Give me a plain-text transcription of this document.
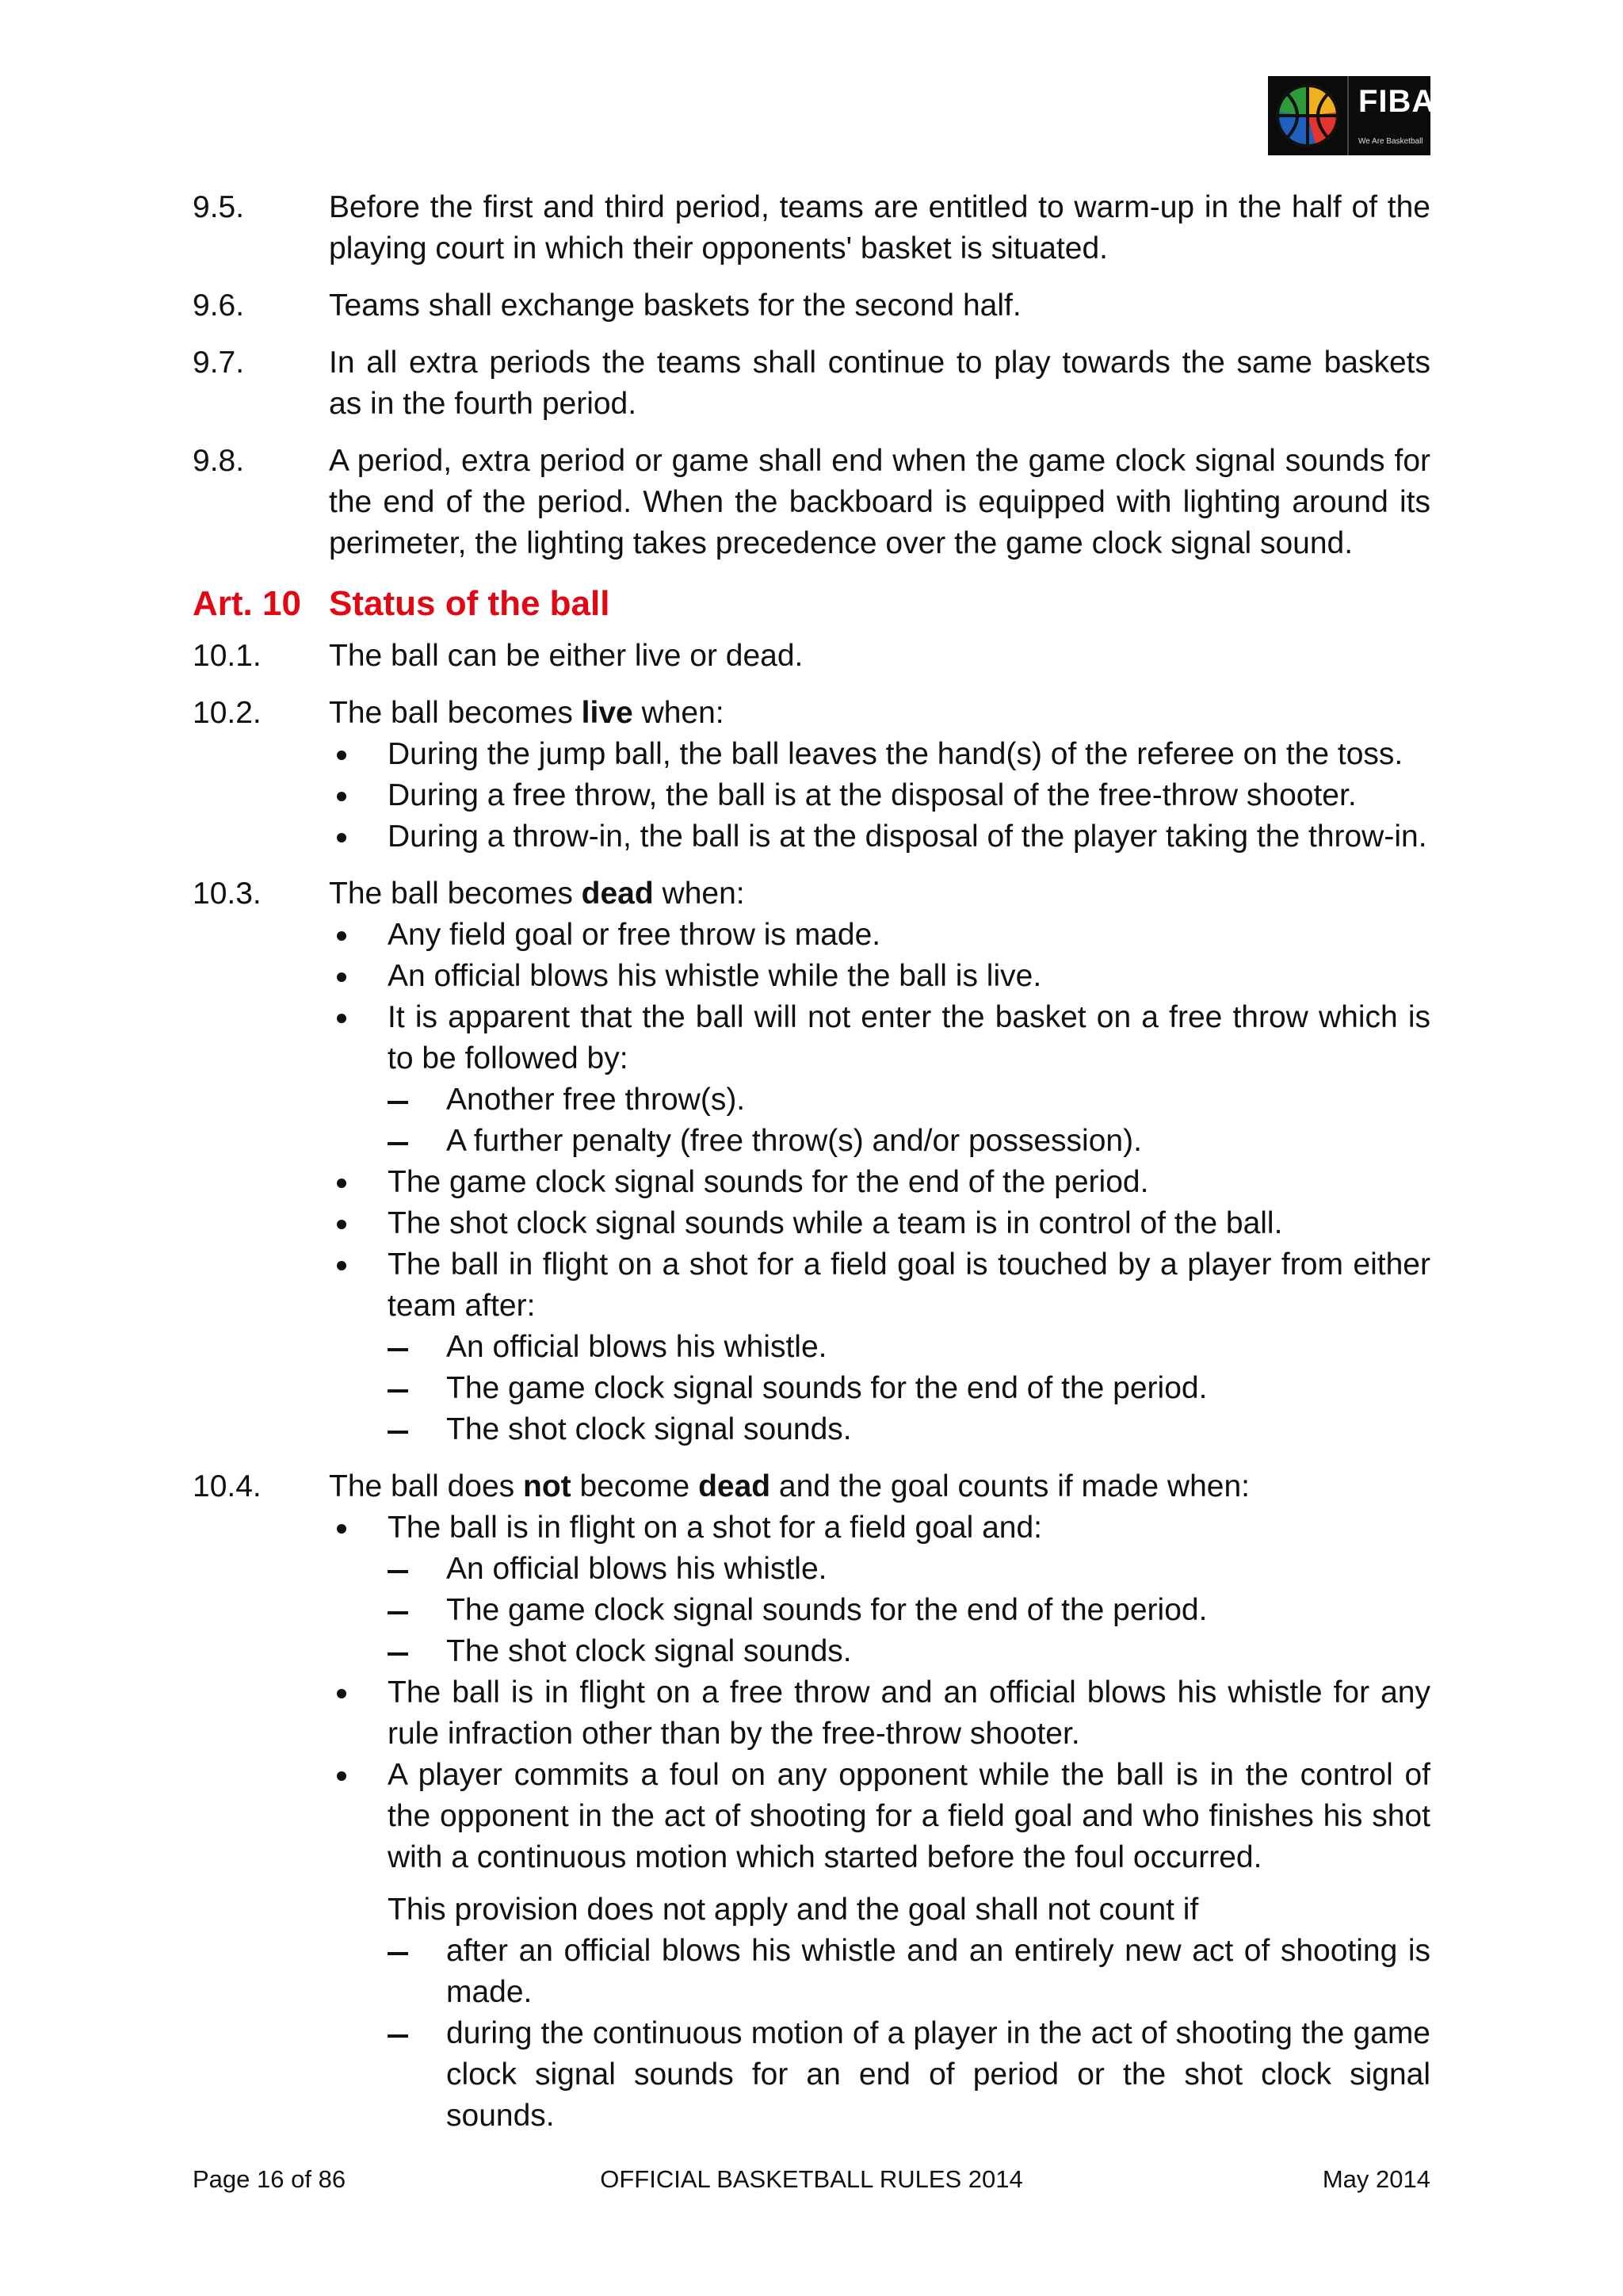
FIBA
We Are Basketball
9.5.	Before the first and third period, teams are entitled to warm-up in the half of the playing court in which their opponents' basket is situated.
9.6.	Teams shall exchange baskets for the second half.
9.7.	In all extra periods the teams shall continue to play towards the same baskets as in the fourth period.
9.8.	A period, extra period or game shall end when the game clock signal sounds for the end of the period. When the backboard is equipped with lighting around its perimeter, the lighting takes precedence over the game clock signal sound.
Art. 10 Status of the ball
10.1.	The ball can be either live or dead.
10.2.	The ball becomes live when:
During the jump ball, the ball leaves the hand(s) of the referee on the toss.
During a free throw, the ball is at the disposal of the free-throw shooter.
During a throw-in, the ball is at the disposal of the player taking the throw-in.
10.3.	The ball becomes dead when:
Any field goal or free throw is made.
An official blows his whistle while the ball is live.
It is apparent that the ball will not enter the basket on a free throw which is to be followed by:
Another free throw(s).
A further penalty (free throw(s) and/or possession).
The game clock signal sounds for the end of the period.
The shot clock signal sounds while a team is in control of the ball.
The ball in flight on a shot for a field goal is touched by a player from either team after:
An official blows his whistle.
The game clock signal sounds for the end of the period.
The shot clock signal sounds.
10.4.	The ball does not become dead and the goal counts if made when:
The ball is in flight on a shot for a field goal and:
An official blows his whistle.
The game clock signal sounds for the end of the period.
The shot clock signal sounds.
The ball is in flight on a free throw and an official blows his whistle for any rule infraction other than by the free-throw shooter.
A player commits a foul on any opponent while the ball is in the control of the opponent in the act of shooting for a field goal and who finishes his shot with a continuous motion which started before the foul occurred.
This provision does not apply and the goal shall not count if
after an official blows his whistle and an entirely new act of shooting is made.
during the continuous motion of a player in the act of shooting the game clock signal sounds for an end of period or the shot clock signal sounds.
Page 16 of 86	OFFICIAL BASKETBALL RULES 2014	May 2014
